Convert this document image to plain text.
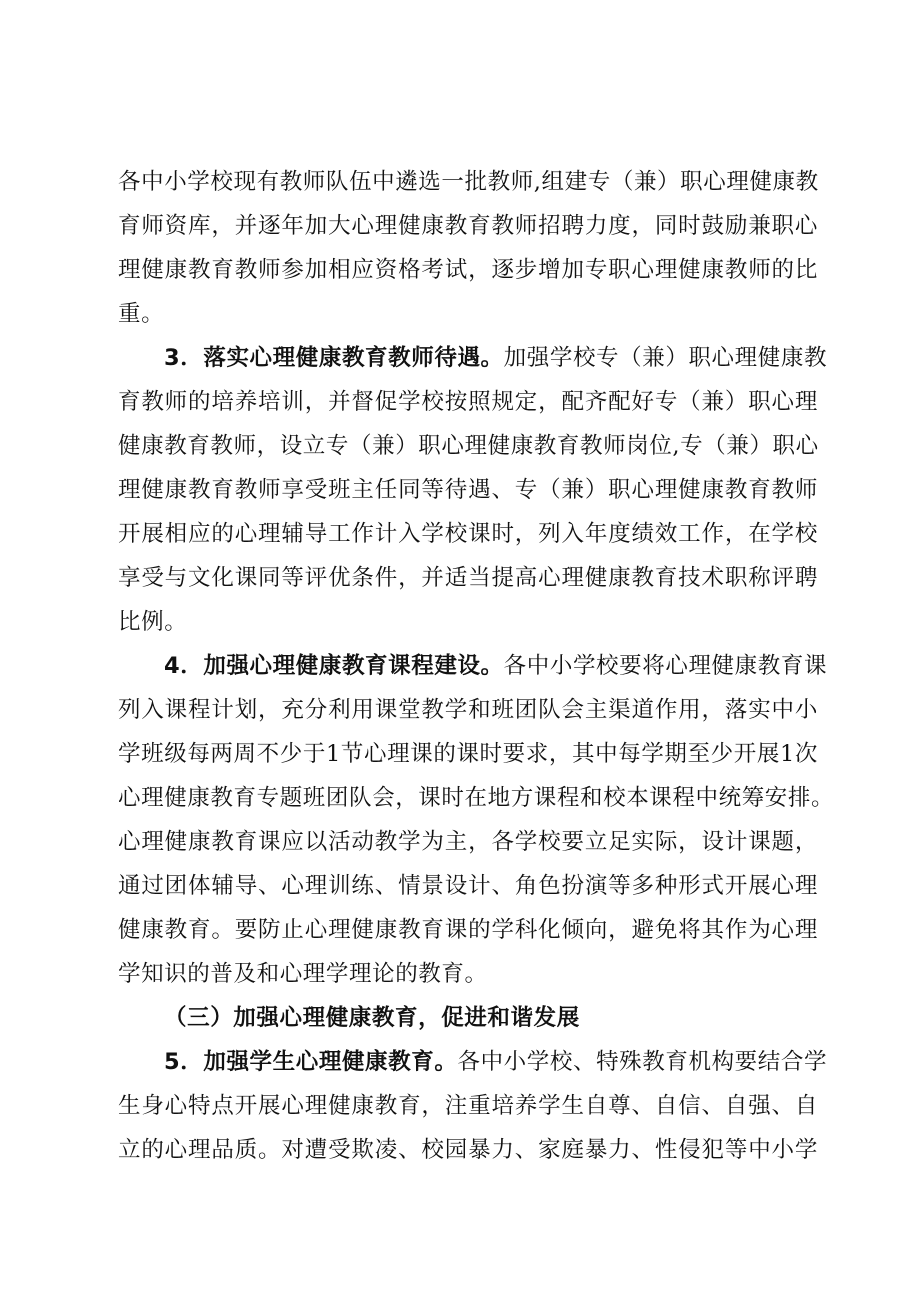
各中小学校现有教师队伍中遴选一批教师,组建专（兼）职心理健康教
育师资库，并逐年加大心理健康教育教师招聘力度，同时鼓励兼职心
理健康教育教师参加相应资格考试，逐步增加专职心理健康教师的比
重。
3．落实心理健康教育教师待遇。加强学校专（兼）职心理健康教
育教师的培养培训，并督促学校按照规定，配齐配好专（兼）职心理
健康教育教师，设立专（兼）职心理健康教育教师岗位,专（兼）职心
理健康教育教师享受班主任同等待遇、专（兼）职心理健康教育教师
开展相应的心理辅导工作计入学校课时，列入年度绩效工作，在学校
享受与文化课同等评优条件，并适当提高心理健康教育技术职称评聘
比例。
4．加强心理健康教育课程建设。各中小学校要将心理健康教育课
列入课程计划，充分利用课堂教学和班团队会主渠道作用，落实中小
学班级每两周不少于1节心理课的课时要求，其中每学期至少开展1次
心理健康教育专题班团队会，课时在地方课程和校本课程中统筹安排。
心理健康教育课应以活动教学为主，各学校要立足实际，设计课题，
通过团体辅导、心理训练、情景设计、角色扮演等多种形式开展心理
健康教育。要防止心理健康教育课的学科化倾向，避免将其作为心理
学知识的普及和心理学理论的教育。
（三）加强心理健康教育，促进和谐发展
5．加强学生心理健康教育。各中小学校、特殊教育机构要结合学
生身心特点开展心理健康教育，注重培养学生自尊、自信、自强、自
立的心理品质。对遭受欺凌、校园暴力、家庭暴力、性侵犯等中小学
